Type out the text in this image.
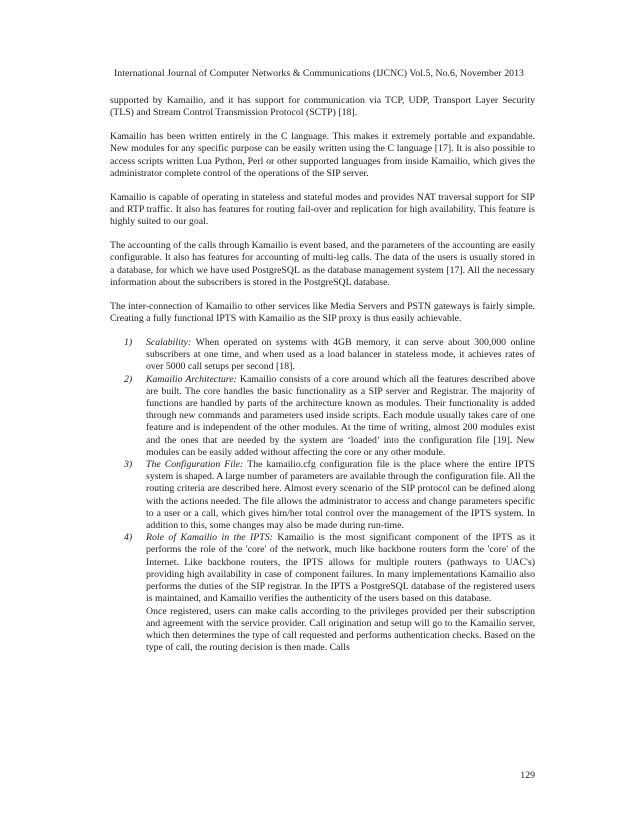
International Journal of Computer Networks & Communications (IJCNC) Vol.5, No.6, November 2013

supported by Kamailio, and it has support for communication via TCP, UDP, Transport Layer Security (TLS) and Stream Control Transmission Protocol (SCTP) [18].

Kamailio has been written entirely in the C language. This makes it extremely portable and expandable. New modules for any specific purpose can be easily written using the C language [17]. It is also possible to access scripts written Lua Python, Perl or other supported languages from inside Kamailio, which gives the administrator complete control of the operations of the SIP server.

Kamailio is capable of operating in stateless and stateful modes and provides NAT traversal support for SIP and RTP traffic. It also has features for routing fail-over and replication for high availability. This feature is highly suited to our goal.

The accounting of the calls through Kamailio is event based, and the parameters of the accounting are easily configurable. It also has features for accounting of multi-leg calls. The data of the users is usually stored in a database, for which we have used PostgreSQL as the database management system [17]. All the necessary information about the subscribers is stored in the PostgreSQL database.

The inter-connection of Kamailio to other services like Media Servers and PSTN gateways is fairly simple. Creating a fully functional IPTS with Kamailio as the SIP proxy is thus easily achievable.

1) Scalability: When operated on systems with 4GB memory, it can serve about 300,000 online subscribers at one time, and when used as a load balancer in stateless mode, it achieves rates of over 5000 call setups per second [18].
2) Kamailio Architecture: Kamailio consists of a core around which all the features described above are built. The core handles the basic functionality as a SIP server and Registrar. The majority of functions are handled by parts of the architecture known as modules. Their functionality is added through new commands and parameters used inside scripts. Each module usually takes care of one feature and is independent of the other modules. At the time of writing, almost 200 modules exist and the ones that are needed by the system are ‘loaded’ into the configuration file [19]. New modules can be easily added without affecting the core or any other module.
3) The Configuration File: The kamailio.cfg configuration file is the place where the entire IPTS system is shaped. A large number of parameters are available through the configuration file. All the routing criteria are described here. Almost every scenario of the SIP protocol can be defined along with the actions needed. The file allows the administrator to access and change parameters specific to a user or a call, which gives him/her total control over the management of the IPTS system. In addition to this, some changes may also be made during run-time.
4) Role of Kamailio in the IPTS: Kamailio is the most significant component of the IPTS as it performs the role of the 'core' of the network, much like backbone routers form the 'core' of the Internet. Like backbone routers, the IPTS allows for multiple routers (pathways to UAC's) providing high availability in case of component failures. In many implementations Kamailio also performs the duties of the SIP registrar. In the IPTS a PostgreSQL database of the registered users is maintained, and Kamailio verifies the authenticity of the users based on this database.
Once registered, users can make calls according to the privileges provided per their subscription and agreement with the service provider. Call origination and setup will go to the Kamailio server, which then determines the type of call requested and performs authentication checks. Based on the type of call, the routing decision is then made. Calls
129
